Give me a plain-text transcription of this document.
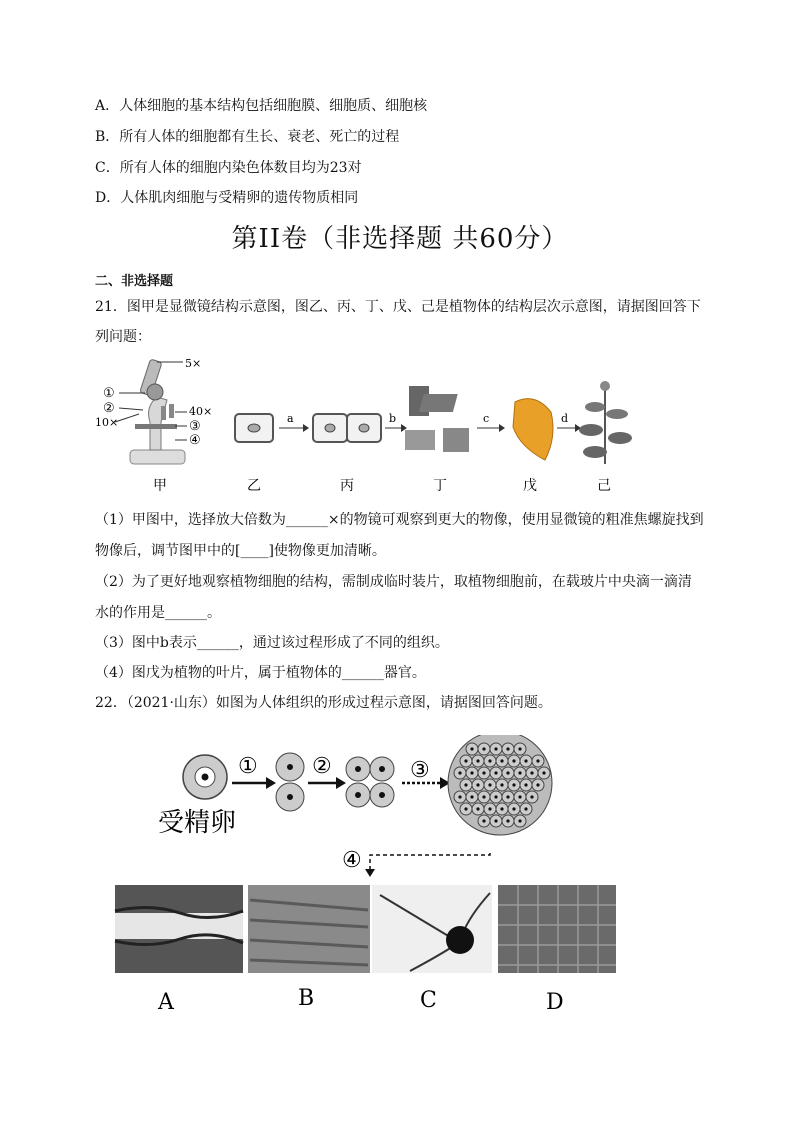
A．人体细胞的基本结构包括细胞膜、细胞质、细胞核
B．所有人体的细胞都有生长、衰老、死亡的过程
C．所有人体的细胞内染色体数目均为23对
D．人体肌肉细胞与受精卵的遗传物质相同
第II卷（非选择题 共60分）
二、非选择题
21．图甲是显微镜结构示意图，图乙、丙、丁、戊、己是植物体的结构层次示意图，请据图回答下
列问题：
5×
①
②
10×
40×
③
④
a	b	c	d
甲	乙	丙	丁	戊	己
（1）甲图中，选择放大倍数为______×的物镜可观察到更大的物像，使用显微镜的粗准焦螺旋找到
物像后，调节图甲中的[____]使物像更加清晰。
（2）为了更好地观察植物细胞的结构，需制成临时装片，取植物细胞前，在载玻片中央滴一滴清
水的作用是______。
（3）图中b表示______，通过该过程形成了不同的组织。
（4）图戊为植物的叶片，属于植物体的______器官。
22．（2021·山东）如图为人体组织的形成过程示意图，请据图回答问题。
受精卵
① ②	③
④
A	B	C	D
